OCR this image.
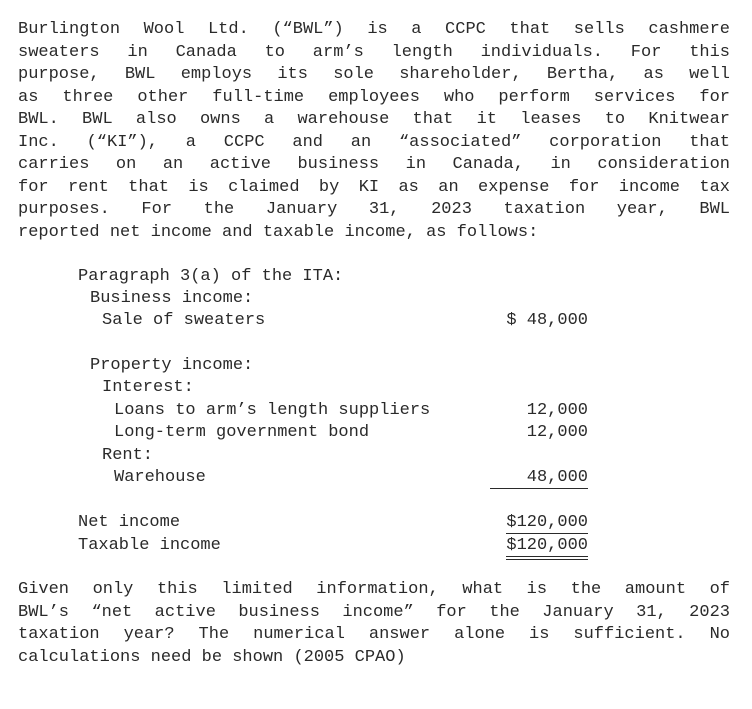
Burlington Wool Ltd. (“BWL”) is a CCPC that sells cashmere
sweaters in Canada to arm’s length individuals. For this
purpose, BWL employs its sole shareholder, Bertha, as well
as three other full-time employees who perform services for
BWL. BWL also owns a warehouse that it leases to Knitwear
Inc. (“KI”), a CCPC and an “associated” corporation that
carries on an active business in Canada, in consideration
for rent that is claimed by KI as an expense for income tax
purposes. For the January 31, 2023 taxation year, BWL
reported net income and taxable income, as follows:
Paragraph 3(a) of the ITA:
Business income:
Sale of sweaters	$ 48,000
Property income:
Interest:
Loans to arm’s length suppliers	12,000
Long-term government bond	12,000
Rent:
Warehouse	48,000
Net income	$120,000
Taxable income	$120,000
Given only this limited information, what is the amount of
BWL’s “net active business income” for the January 31, 2023
taxation year? The numerical answer alone is sufficient. No
calculations need be shown (2005 CPAO)
